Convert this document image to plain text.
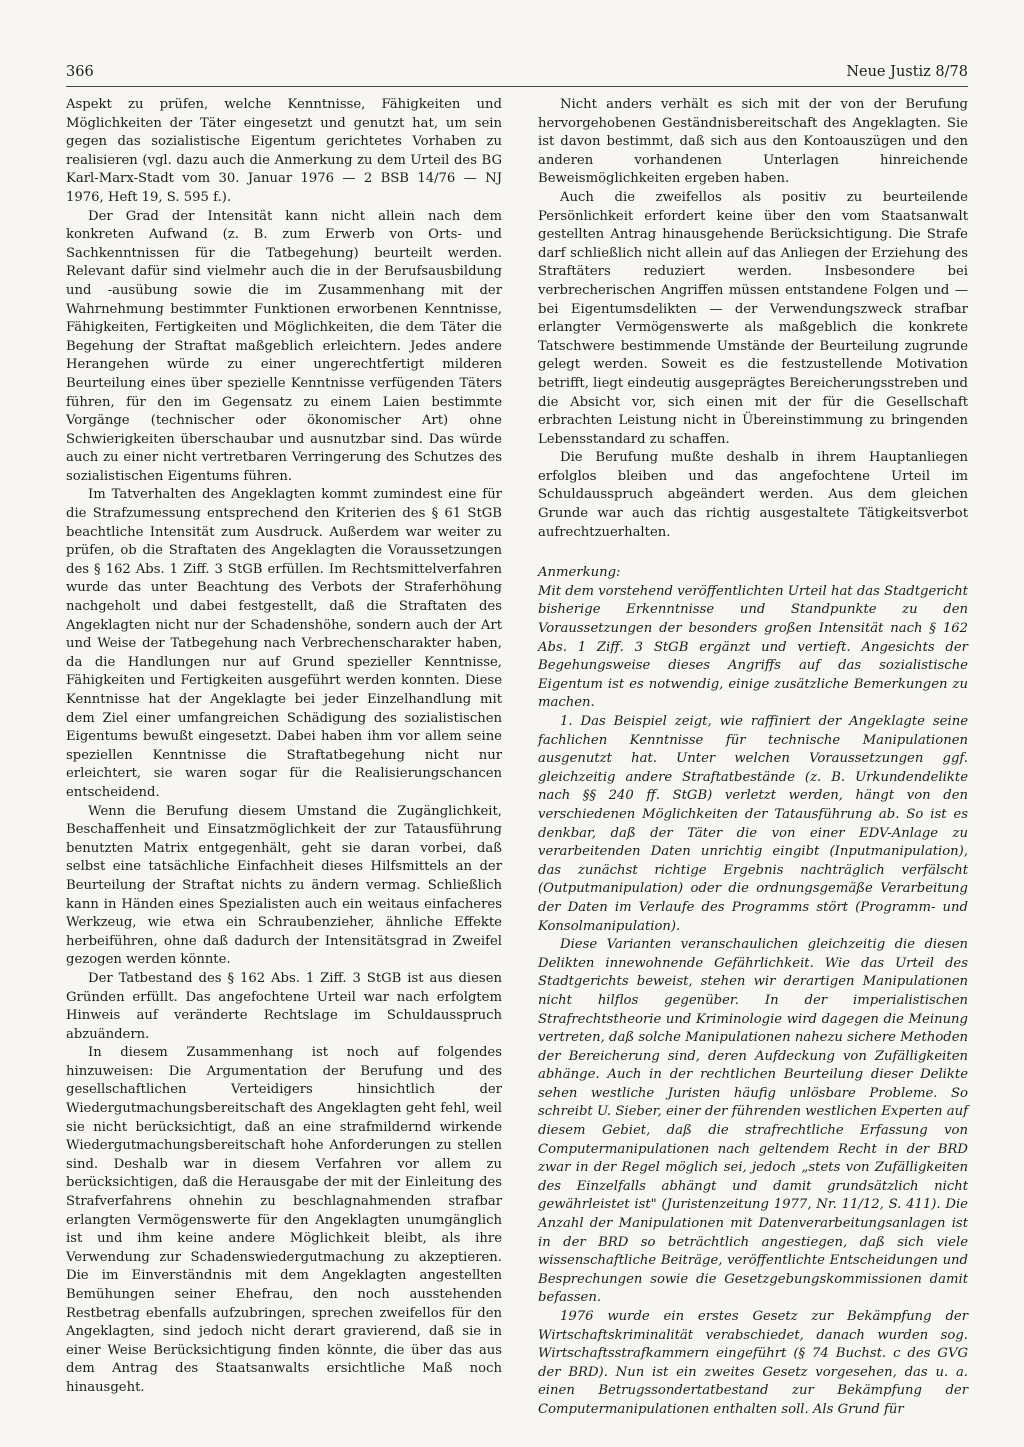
366	Neue Justiz 8/78

Aspekt zu prüfen, welche Kenntnisse, Fähigkeiten und Möglichkeiten der Täter eingesetzt und genutzt hat, um sein gegen das sozialistische Eigentum gerichtetes Vorhaben zu realisieren (vgl. dazu auch die Anmerkung zu dem Urteil des BG Karl-Marx-Stadt vom 30. Januar 1976 — 2 BSB 14/76 — NJ 1976, Heft 19, S. 595 f.).

Der Grad der Intensität kann nicht allein nach dem konkreten Aufwand (z. B. zum Erwerb von Orts- und Sachkenntnissen für die Tatbegehung) beurteilt werden. Relevant dafür sind vielmehr auch die in der Berufsausbildung und -ausübung sowie die im Zusammenhang mit der Wahrnehmung bestimmter Funktionen erworbenen Kenntnisse, Fähigkeiten, Fertigkeiten und Möglichkeiten, die dem Täter die Begehung der Straftat maßgeblich erleichtern. Jedes andere Herangehen würde zu einer ungerechtfertigt milderen Beurteilung eines über spezielle Kenntnisse verfügenden Täters führen, für den im Gegensatz zu einem Laien bestimmte Vorgänge (technischer oder ökonomischer Art) ohne Schwierigkeiten überschaubar und ausnutzbar sind. Das würde auch zu einer nicht vertretbaren Verringerung des Schutzes des sozialistischen Eigentums führen.

Im Tatverhalten des Angeklagten kommt zumindest eine für die Strafzumessung entsprechend den Kriterien des § 61 StGB beachtliche Intensität zum Ausdruck. Außerdem war weiter zu prüfen, ob die Straftaten des Angeklagten die Voraussetzungen des § 162 Abs. 1 Ziff. 3 StGB erfüllen. Im Rechtsmittelverfahren wurde das unter Beachtung des Verbots der Straferhöhung nachgeholt und dabei festgestellt, daß die Straftaten des Angeklagten nicht nur der Schadenshöhe, sondern auch der Art und Weise der Tatbegehung nach Verbrechenscharakter haben, da die Handlungen nur auf Grund spezieller Kenntnisse, Fähigkeiten und Fertigkeiten ausgeführt werden konnten. Diese Kenntnisse hat der Angeklagte bei jeder Einzelhandlung mit dem Ziel einer umfangreichen Schädigung des sozialistischen Eigentums bewußt eingesetzt. Dabei haben ihm vor allem seine speziellen Kenntnisse die Straftatbegehung nicht nur erleichtert, sie waren sogar für die Realisierungschancen entscheidend.

Wenn die Berufung diesem Umstand die Zugänglichkeit, Beschaffenheit und Einsatzmöglichkeit der zur Tatausführung benutzten Matrix entgegenhält, geht sie daran vorbei, daß selbst eine tatsächliche Einfachheit dieses Hilfsmittels an der Beurteilung der Straftat nichts zu ändern vermag. Schließlich kann in Händen eines Spezialisten auch ein weitaus einfacheres Werkzeug, wie etwa ein Schraubenzieher, ähnliche Effekte herbeiführen, ohne daß dadurch der Intensitätsgrad in Zweifel gezogen werden könnte.

Der Tatbestand des § 162 Abs. 1 Ziff. 3 StGB ist aus diesen Gründen erfüllt. Das angefochtene Urteil war nach erfolgtem Hinweis auf veränderte Rechtslage im Schuldausspruch abzuändern.

In diesem Zusammenhang ist noch auf folgendes hinzuweisen: Die Argumentation der Berufung und des gesellschaftlichen Verteidigers hinsichtlich der Wiedergutmachungsbereitschaft des Angeklagten geht fehl, weil sie nicht berücksichtigt, daß an eine strafmildernd wirkende Wiedergutmachungsbereitschaft hohe Anforderungen zu stellen sind. Deshalb war in diesem Verfahren vor allem zu berücksichtigen, daß die Herausgabe der mit der Einleitung des Strafverfahrens ohnehin zu beschlagnahmenden strafbar erlangten Vermögenswerte für den Angeklagten unumgänglich ist und ihm keine andere Möglichkeit bleibt, als ihre Verwendung zur Schadenswiedergutmachung zu akzeptieren. Die im Einverständnis mit dem Angeklagten angestellten Bemühungen seiner Ehefrau, den noch ausstehenden Restbetrag ebenfalls aufzubringen, sprechen zweifellos für den Angeklagten, sind jedoch nicht derart gravierend, daß sie in einer Weise Berücksichtigung finden könnte, die über das aus dem Antrag des Staatsanwalts ersichtliche Maß noch hinausgeht.

Nicht anders verhält es sich mit der von der Berufung hervorgehobenen Geständnisbereitschaft des Angeklagten. Sie ist davon bestimmt, daß sich aus den Kontoauszügen und den anderen vorhandenen Unterlagen hinreichende Beweismöglichkeiten ergeben haben.

Auch die zweifellos als positiv zu beurteilende Persönlichkeit erfordert keine über den vom Staatsanwalt gestellten Antrag hinausgehende Berücksichtigung. Die Strafe darf schließlich nicht allein auf das Anliegen der Erziehung des Straftäters reduziert werden. Insbesondere bei verbrecherischen Angriffen müssen entstandene Folgen und — bei Eigentumsdelikten — der Verwendungszweck strafbar erlangter Vermögenswerte als maßgeblich die konkrete Tatschwere bestimmende Umstände der Beurteilung zugrunde gelegt werden. Soweit es die festzustellende Motivation betrifft, liegt eindeutig ausgeprägtes Bereicherungsstreben und die Absicht vor, sich einen mit der für die Gesellschaft erbrachten Leistung nicht in Übereinstimmung zu bringenden Lebensstandard zu schaffen.

Die Berufung mußte deshalb in ihrem Hauptanliegen erfolglos bleiben und das angefochtene Urteil im Schuldausspruch abgeändert werden. Aus dem gleichen Grunde war auch das richtig ausgestaltete Tätigkeitsverbot aufrechtzuerhalten.

Anmerkung:

Mit dem vorstehend veröffentlichten Urteil hat das Stadtgericht bisherige Erkenntnisse und Standpunkte zu den Voraussetzungen der besonders großen Intensität nach § 162 Abs. 1 Ziff. 3 StGB ergänzt und vertieft. Angesichts der Begehungsweise dieses Angriffs auf das sozialistische Eigentum ist es notwendig, einige zusätzliche Bemerkungen zu machen.

1. Das Beispiel zeigt, wie raffiniert der Angeklagte seine fachlichen Kenntnisse für technische Manipulationen ausgenutzt hat. Unter welchen Voraussetzungen ggf. gleichzeitig andere Straftatbestände (z. B. Urkundendelikte nach §§ 240 ff. StGB) verletzt werden, hängt von den verschiedenen Möglichkeiten der Tatausführung ab. So ist es denkbar, daß der Täter die von einer EDV-Anlage zu verarbeitenden Daten unrichtig eingibt (Inputmanipulation), das zunächst richtige Ergebnis nachträglich verfälscht (Outputmanipulation) oder die ordnungsgemäße Verarbeitung der Daten im Verlaufe des Programms stört (Programm- und Konsolmanipulation).

Diese Varianten veranschaulichen gleichzeitig die diesen Delikten innewohnende Gefährlichkeit. Wie das Urteil des Stadtgerichts beweist, stehen wir derartigen Manipulationen nicht hilflos gegenüber. In der imperialistischen Strafrechtstheorie und Kriminologie wird dagegen die Meinung vertreten, daß solche Manipulationen nahezu sichere Methoden der Bereicherung sind, deren Aufdeckung von Zufälligkeiten abhänge. Auch in der rechtlichen Beurteilung dieser Delikte sehen westliche Juristen häufig unlösbare Probleme. So schreibt U. Sieber, einer der führenden westlichen Experten auf diesem Gebiet, daß die strafrechtliche Erfassung von Computermanipulationen nach geltendem Recht in der BRD zwar in der Regel möglich sei, jedoch „stets von Zufälligkeiten des Einzelfalls abhängt und damit grundsätzlich nicht gewährleistet ist" (Juristenzeitung 1977, Nr. 11/12, S. 411). Die Anzahl der Manipulationen mit Datenverarbeitungsanlagen ist in der BRD so beträchtlich angestiegen, daß sich viele wissenschaftliche Beiträge, veröffentlichte Entscheidungen und Besprechungen sowie die Gesetzgebungskommissionen damit befassen.

1976 wurde ein erstes Gesetz zur Bekämpfung der Wirtschaftskriminalität verabschiedet, danach wurden sog. Wirtschaftsstrafkammern eingeführt (§ 74 Buchst. c des GVG der BRD). Nun ist ein zweites Gesetz vorgesehen, das u. a. einen Betrugssondertatbestand zur Bekämpfung der Computermanipulationen enthalten soll. Als Grund für
